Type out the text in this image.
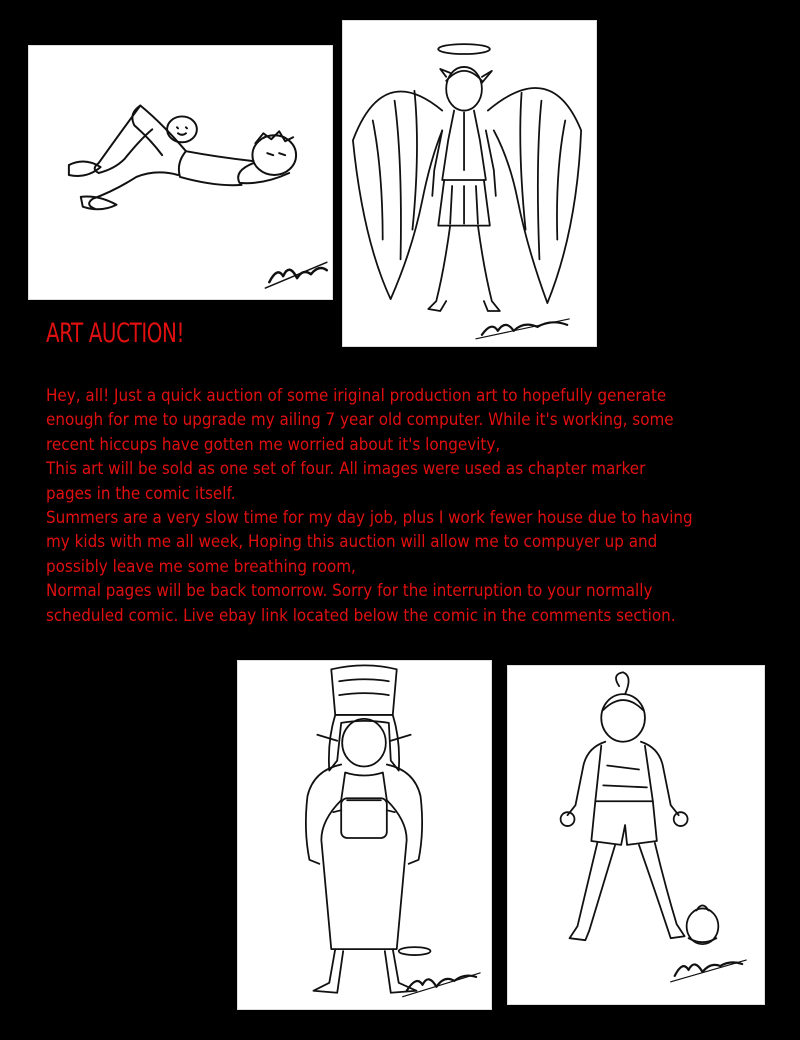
ART AUCTION!
Hey, all! Just a quick auction of some iriginal production art to hopefully generate
enough for me to upgrade my ailing 7 year old computer. While it's working, some
recent hiccups have gotten me worried about it's longevity,
This art will be sold as one set of four. All images were used as chapter marker
pages in the comic itself.
Summers are a very slow time for my day job, plus I work fewer house due to having
my kids with me all week, Hoping this auction will allow me to compuyer up and
possibly leave me some breathing room,
Normal pages will be back tomorrow. Sorry for the interruption to your normally
scheduled comic. Live ebay link located below the comic in the comments section.
